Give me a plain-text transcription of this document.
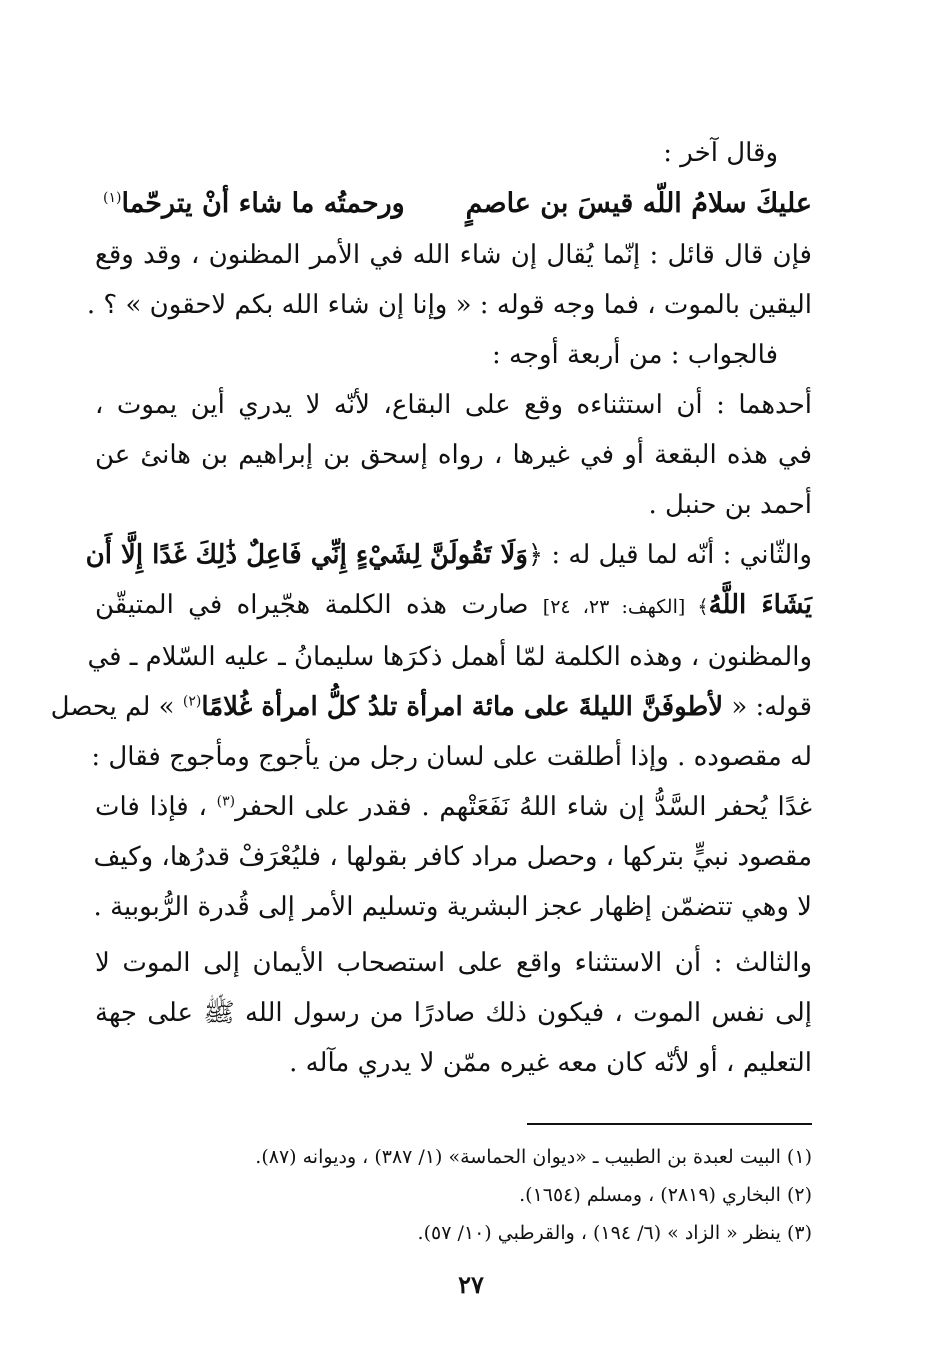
وقال آخر :
عليكَ سلامُ اللّه قيسَ بن عاصمٍ
ورحمتُه ما شاء أنْ يترحّما$^{(١)}$
فإن قال قائل : إنّما يُقال إن شاء الله في الأمر المظنون ، وقد وقع
اليقين بالموت ، فما وجه قوله : « وإنا إن شاء الله بكم لاحقون » ؟ .
فالجواب : من أربعة أوجه :
أحدهما : أن استثناءه وقع على البقاع، لأنّه لا يدري أين يموت ،
في هذه البقعة أو في غيرها ، رواه إسحق بن إبراهيم بن هانئ عن
أحمد بن حنبل .
والثّاني : أنّه لما قيل له : ﴿وَلَا تَقُولَنَّ لِشَيْءٍ إِنِّي فَاعِلٌ ذَٰلِكَ غَدًا إِلَّا أَن
يَشَاءَ اللَّهُ﴾ [الكهف: ٢٣، ٢٤] صارت هذه الكلمة هجّيراه في المتيقّن
والمظنون ، وهذه الكلمة لمّا أهمل ذكرَها سليمانُ ـ عليه السّلام ـ في
قوله: « لأطوفَنَّ الليلةَ على مائة امرأة تلدُ كلُّ امرأة غُلامًا$^{(٢)}$ » لم يحصل
له مقصوده . وإذا أطلقت على لسان رجل من يأجوج ومأجوج فقال :
غدًا يُحفر السَّدُّ إن شاء اللهُ نَفَعَتْهم . فقدر على الحفر$^{(٣)}$ ، فإذا فات
مقصود نبيٍّ بتركها ، وحصل مراد كافر بقولها ، فليُعْرَفْ قدرُها، وكيف
لا وهي تتضمّن إظهار عجز البشرية وتسليم الأمر إلى قُدرة الرُّبوبية .
والثالث : أن الاستثناء واقع على استصحاب الأيمان إلى الموت لا
إلى نفس الموت ، فيكون ذلك صادرًا من رسول الله ﷺ على جهة
التعليم ، أو لأنّه كان معه غيره ممّن لا يدري مآله .
(١) البيت لعبدة بن الطبيب ـ «ديوان الحماسة» (١/ ٣٨٧) ، وديوانه (٨٧).
(٢) البخاري (٢٨١٩) ، ومسلم (١٦٥٤).
(٣) ينظر « الزاد » (٦/ ١٩٤) ، والقرطبي (١٠/ ٥٧).
٢٧
